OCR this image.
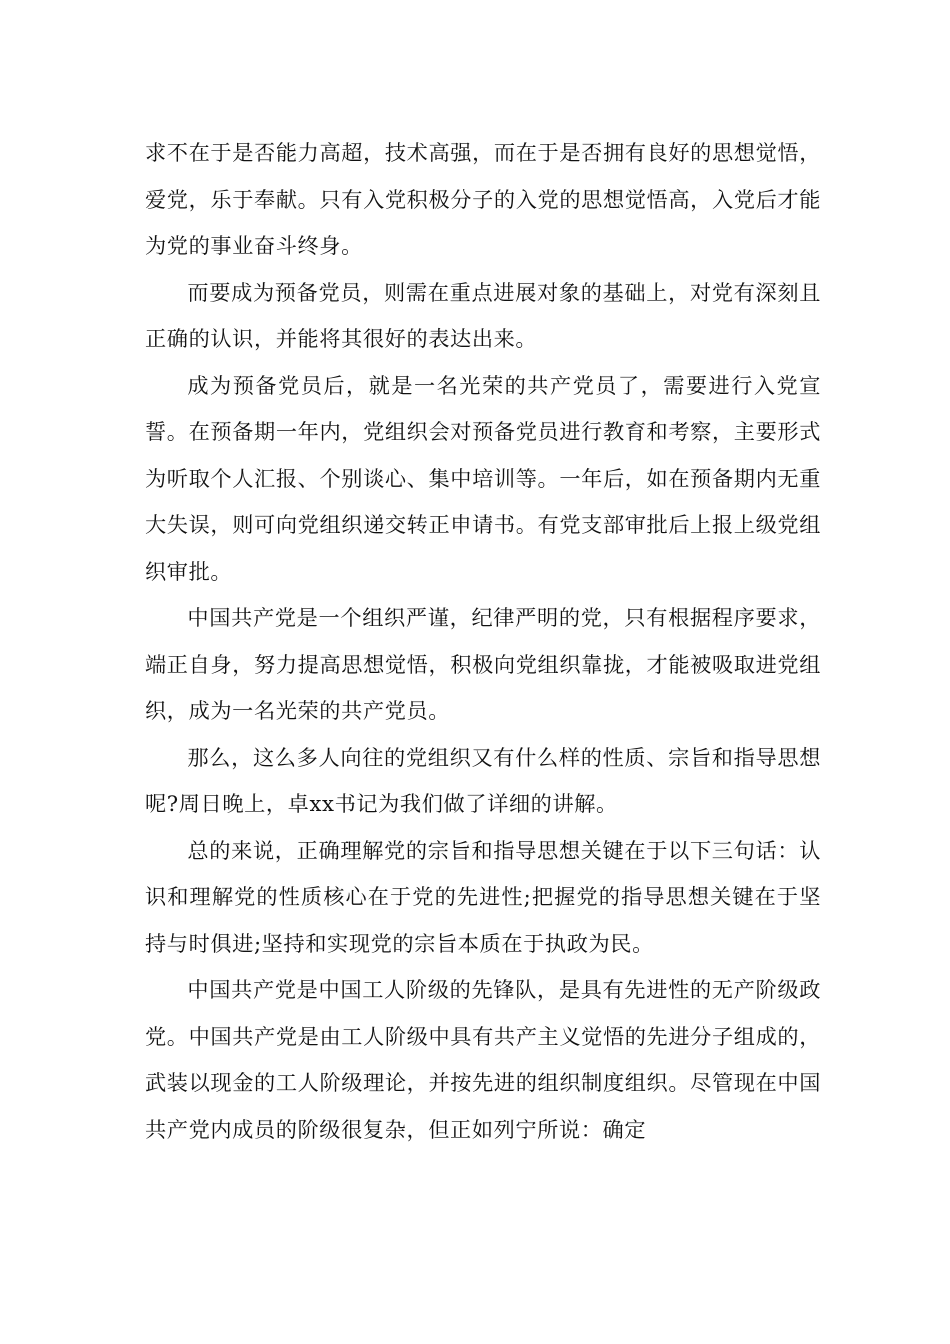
求不在于是否能力高超，技术高强，而在于是否拥有良好的思想觉悟，爱党，乐于奉献。只有入党积极分子的入党的思想觉悟高，入党后才能为党的事业奋斗终身。

而要成为预备党员，则需在重点进展对象的基础上，对党有深刻且正确的认识，并能将其很好的表达出来。

成为预备党员后，就是一名光荣的共产党员了，需要进行入党宣誓。在预备期一年内，党组织会对预备党员进行教育和考察，主要形式为听取个人汇报、个别谈心、集中培训等。一年后，如在预备期内无重大失误，则可向党组织递交转正申请书。有党支部审批后上报上级党组织审批。

中国共产党是一个组织严谨，纪律严明的党，只有根据程序要求，端正自身，努力提高思想觉悟，积极向党组织靠拢，才能被吸取进党组织，成为一名光荣的共产党员。

那么，这么多人向往的党组织又有什么样的性质、宗旨和指导思想呢?周日晚上，卓xx书记为我们做了详细的讲解。

总的来说，正确理解党的宗旨和指导思想关键在于以下三句话：认识和理解党的性质核心在于党的先进性;把握党的指导思想关键在于坚持与时俱进;坚持和实现党的宗旨本质在于执政为民。

中国共产党是中国工人阶级的先锋队，是具有先进性的无产阶级政党。中国共产党是由工人阶级中具有共产主义觉悟的先进分子组成的，武装以现金的工人阶级理论，并按先进的组织制度组织。尽管现在中国共产党内成员的阶级很复杂，但正如列宁所说：确定
